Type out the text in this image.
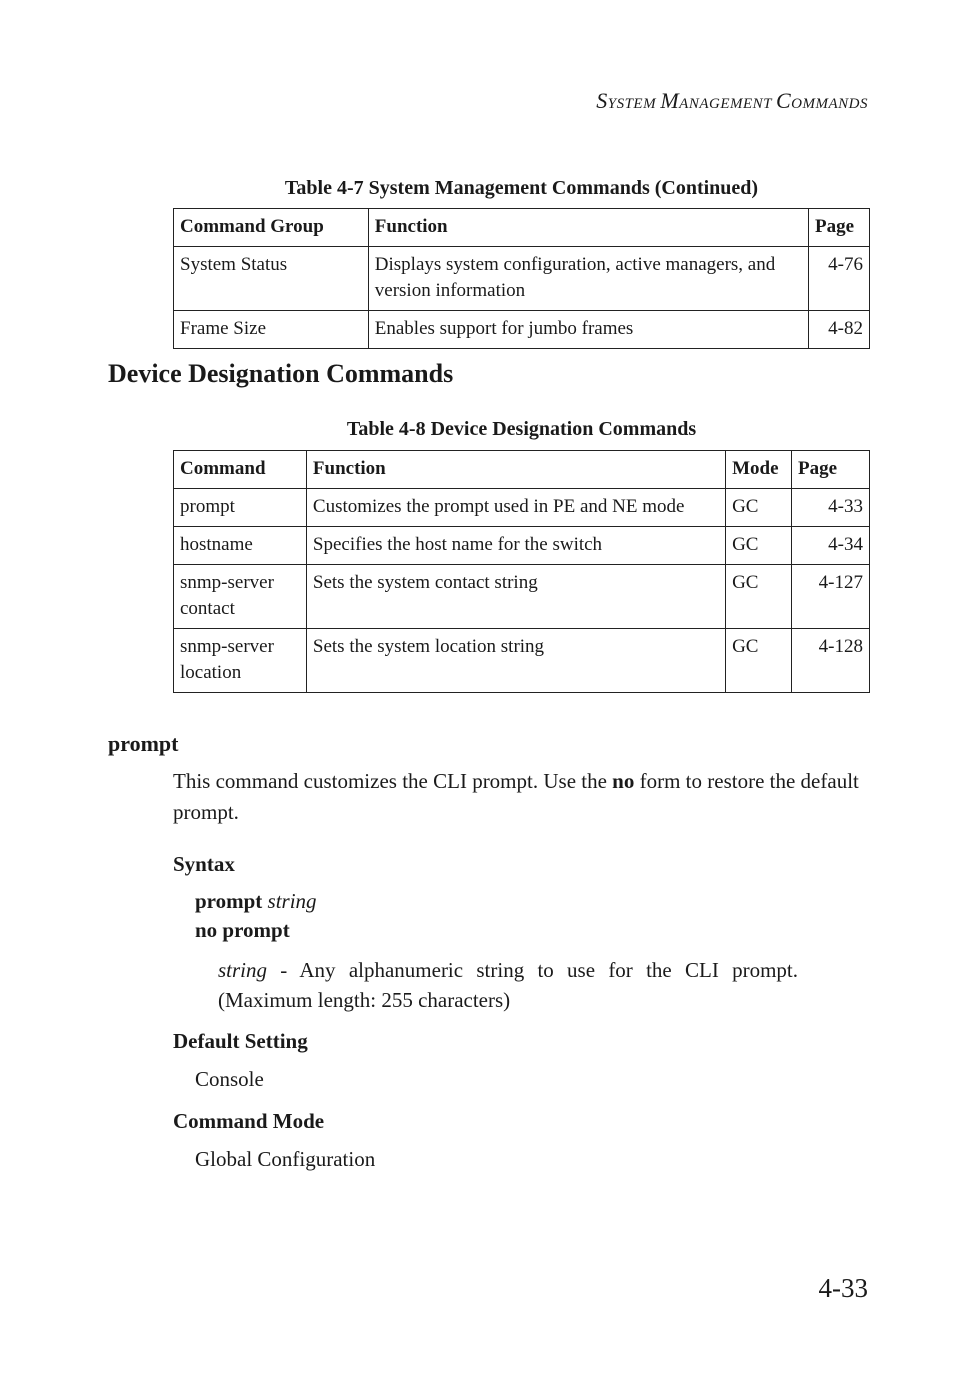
SYSTEM MANAGEMENT COMMANDS
Table 4-7 System Management Commands (Continued)
Command Group	Function	Page
System Status	Displays system configuration, active managers, and version information	4-76
Frame Size	Enables support for jumbo frames	4-82
Device Designation Commands
Table 4-8 Device Designation Commands
Command	Function	Mode	Page
prompt	Customizes the prompt used in PE and NE mode	GC	4-33
hostname	Specifies the host name for the switch	GC	4-34
snmp-server contact	Sets the system contact string	GC	4-127
snmp-server location	Sets the system location string	GC	4-128
prompt
This command customizes the CLI prompt. Use the no form to restore the default prompt.
Syntax
prompt string
no prompt
string - Any alphanumeric string to use for the CLI prompt. (Maximum length: 255 characters)
Default Setting
Console
Command Mode
Global Configuration
4-33
